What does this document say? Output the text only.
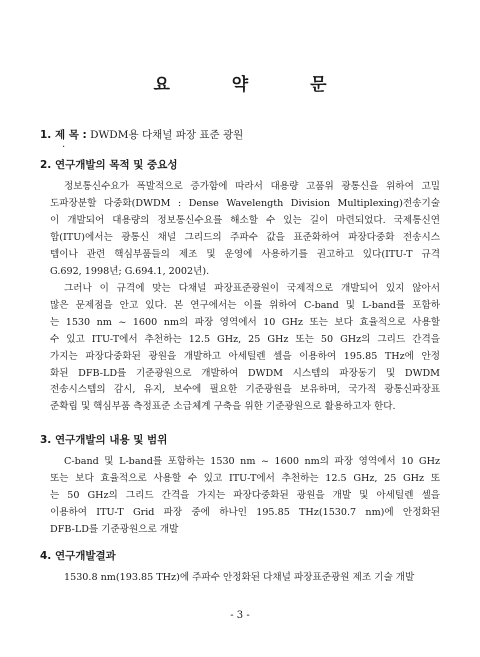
요 약 문
1. 제 목 : DWDM용 다채널 파장 표준 광원
.
2. 연구개발의 목적 및 중요성
정보통신수요가 폭발적으로 증가함에 따라서 대용량 고품위 광통신을 위하여 고밀
도파장분할 다중화(DWDM : Dense Wavelength Division Multiplexing)전송기술
이 개발되어 대용량의 정보통신수요를 해소할 수 있는 길이 마련되었다. 국제통신연
합(ITU)에서는 광통신 채널 그리드의 주파수 값을 표준화하여 파장다중화 전송시스
템이나 관련 핵심부품들의 제조 및 운영에 사용하기를 권고하고 있다(ITU-T 규격
G.692, 1998년; G.694.1, 2002년).
그러나 이 규격에 맞는 다채널 파장표준광원이 국제적으로 개발되어 있지 않아서
많은 문제점을 안고 있다. 본 연구에서는 이를 위하여 C-band 및 L-band를 포함하
는 1530 nm ~ 1600 nm의 파장 영역에서 10 GHz 또는 보다 효율적으로 사용할
수 있고 ITU-T에서 추천하는 12.5 GHz, 25 GHz 또는 50 GHz의 그리드 간격을
가지는 파장다중화된 광원을 개발하고 아세틸렌 셀을 이용하여 195.85 THz에 안정
화된 DFB-LD를 기준광원으로 개발하여 DWDM 시스템의 파장동기 및 DWDM
전송시스템의 감시, 유지, 보수에 필요한 기준광원을 보유하며, 국가적 광통신파장표
준확립 및 핵심부품 측정표준 소급체계 구축을 위한 기준광원으로 활용하고자 한다.
3. 연구개발의 내용 및 범위
C-band 및 L-band를 포함하는 1530 nm ~ 1600 nm의 파장 영역에서 10 GHz
또는 보다 효율적으로 사용할 수 있고 ITU-T에서 추천하는 12.5 GHz, 25 GHz 또
는 50 GHz의 그리드 간격을 가지는 파장다중화된 광원을 개발 및 아세틸렌 셀을
이용하여 ITU-T Grid 파장 중에 하나인 195.85 THz(1530.7 nm)에 안정화된
DFB-LD를 기준광원으로 개발
4. 연구개발결과
1530.8 nm(193.85 THz)에 주파수 안정화된 다채널 파장표준광원 제조 기술 개발
- 3 -
